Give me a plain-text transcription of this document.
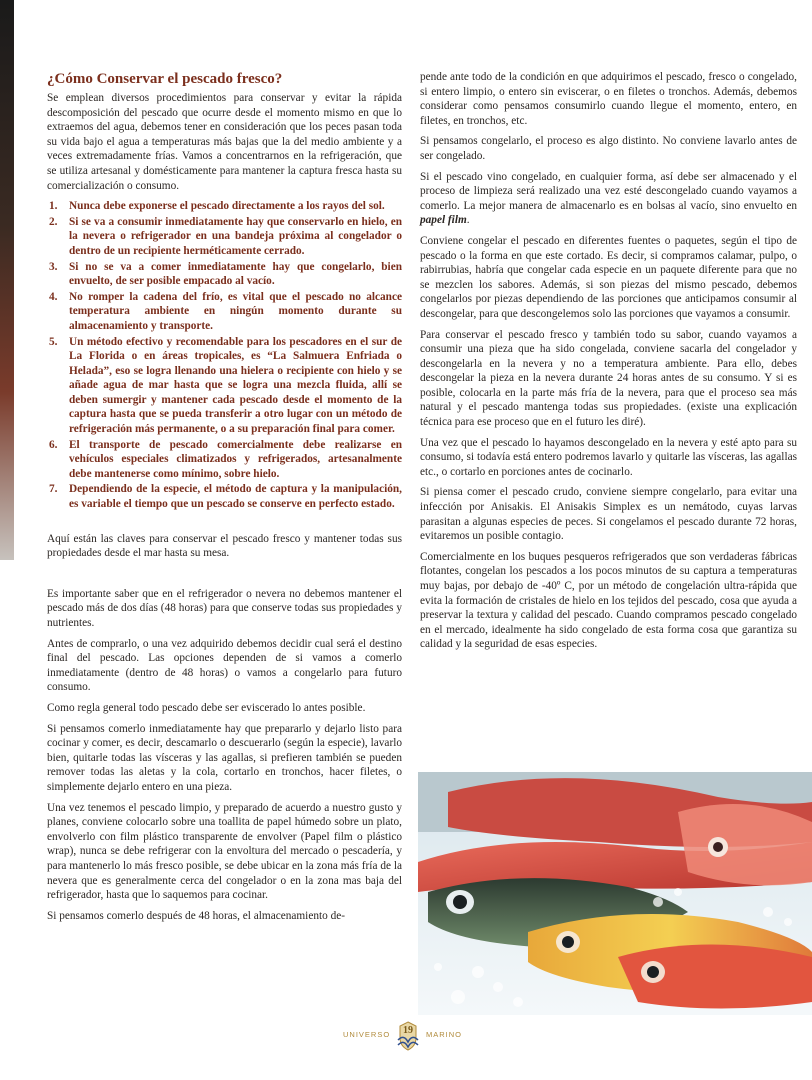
¿Cómo Conservar el pescado fresco?

Se emplean diversos procedimientos para conservar y evitar la rápida descomposición del pescado que ocurre desde el momento mismo en que lo extraemos del agua, debemos tener en consideración que los peces pasan toda su vida bajo el agua a temperaturas más bajas que la del medio ambiente y a veces extremadamente frías. Vamos a concentrarnos en la refrigeración, que se utiliza artesanal y domésticamente para mantener la captura fresca hasta su comercialización o consumo.

1. Nunca debe exponerse el pescado directamente a los rayos del sol.
2. Si se va a consumir inmediatamente hay que conservarlo en hielo, en la nevera o refrigerador en una bandeja próxima al congelador o dentro de un recipiente herméticamente cerrado.
3. Si no se va a comer inmediatamente hay que congelarlo, bien envuelto, de ser posible empacado al vacío.
4. No romper la cadena del frío, es vital que el pescado no alcance temperatura ambiente en ningún momento durante su almacenamiento y transporte.
5. Un método efectivo y recomendable para los pescadores en el sur de La Florida o en áreas tropicales, es “La Salmuera Enfriada o Helada”, eso se logra llenando una hielera o recipiente con hielo y se añade agua de mar hasta que se logra una mezcla fluida, allí se deben sumergir y mantener cada pescado desde el momento de la captura hasta que se pueda transferir a otro lugar con un método de refrigeración más permanente, o a su preparación final para comer.
6. El transporte de pescado comercialmente debe realizarse en vehículos especiales climatizados y refrigerados, artesanalmente debe mantenerse como mínimo, sobre hielo.
7. Dependiendo de la especie, el método de captura y la manipulación, es variable el tiempo que un pescado se conserve en perfecto estado.

Aquí están las claves para conservar el pescado fresco y mantener todas sus propiedades desde el mar hasta su mesa.

Es importante saber que en el refrigerador o nevera no debemos mantener el pescado más de dos días (48 horas) para que conserve todas sus propiedades y nutrientes.

Antes de comprarlo, o una vez adquirido debemos decidir cual será el destino final del pescado. Las opciones dependen de si vamos a comerlo inmediatamente (dentro de 48 horas) o vamos a congelarlo para futuro consumo.

Como regla general todo pescado debe ser eviscerado lo antes posible.

Si pensamos comerlo inmediatamente hay que prepararlo y dejarlo listo para cocinar y comer, es decir, descamarlo o descuerarlo (según la especie), lavarlo bien, quitarle todas las vísceras y las agallas, si prefieren también se pueden remover todas las aletas y la cola, cortarlo en tronchos, hacer filetes, o simplemente dejarlo entero en una pieza.

Una vez tenemos el pescado limpio, y preparado de acuerdo a nuestro gusto y planes, conviene colocarlo sobre una toallita de papel húmedo sobre un plato, envolverlo con film plástico transparente de envolver (Papel film o plástico wrap), nunca se debe refrigerar con la envoltura del mercado o pescadería, y para mantenerlo lo más fresco posible, se debe ubicar en la zona más fría de la nevera que es generalmente cerca del congelador o en la zona mas baja del refrigerador, hasta que lo saquemos para cocinar.

Si pensamos comerlo después de 48 horas, el almacenamiento de-

pende ante todo de la condición en que adquirimos el pescado, fresco o congelado, si entero limpio, o entero sin eviscerar, o en filetes o tronchos. Además, debemos considerar como pensamos consumirlo cuando llegue el momento, entero, en filetes, en tronchos, etc.

Si pensamos congelarlo, el proceso es algo distinto. No conviene lavarlo antes de ser congelado.

Si el pescado vino congelado, en cualquier forma, así debe ser almacenado y el proceso de limpieza será realizado una vez esté descongelado cuando vayamos a comerlo. La mejor manera de almacenarlo es en bolsas al vacío, sino envuelto en papel film.

Conviene congelar el pescado en diferentes fuentes o paquetes, según el tipo de pescado o la forma en que este cortado. Es decir, si compramos calamar, pulpo, o rabirrubias, habría que congelar cada especie en un paquete diferente para que no se mezclen los sabores. Además, si son piezas del mismo pescado, debemos congelarlos por piezas dependiendo de las porciones que anticipamos consumir al descongelar, para que descongelemos solo las porciones que vayamos a consumir.

Para conservar el pescado fresco y también todo su sabor, cuando vayamos a consumir una pieza que ha sido congelada, conviene sacarla del congelador y descongelarla en la nevera y no a temperatura ambiente. Para ello, debes descongelar la pieza en la nevera durante 24 horas antes de su consumo. Y si es posible, colocarla en la parte más fría de la nevera, para que el proceso sea más natural y el pescado mantenga todas sus propiedades. (existe una explicación técnica para ese proceso que en el futuro les diré).

Una vez que el pescado lo hayamos descongelado en la nevera y esté apto para su consumo, si todavía está entero podremos lavarlo y quitarle las vísceras, las agallas etc., o cortarlo en porciones antes de cocinarlo.

Si piensa comer el pescado crudo, conviene siempre congelarlo, para evitar una infección por Anisakis. El Anisakis Simplex es un nemátodo, cuyas larvas parasitan a algunas especies de peces. Si congelamos el pescado durante 72 horas, evitaremos un posible contagio.

Comercialmente en los buques pesqueros refrigerados que son verdaderas fábricas flotantes, congelan los pescados a los pocos minutos de su captura a temperaturas muy bajas, por debajo de -40º C, por un método de congelación ultra-rápida que evita la formación de cristales de hielo en los tejidos del pescado, cosa que ayuda a preservar la textura y calidad del pescado. Cuando compramos pescado congelado en el mercado, idealmente ha sido congelado de esta forma cosa que garantiza su calidad y la seguridad de esas especies.

UNIVERSO	19	MARINO
